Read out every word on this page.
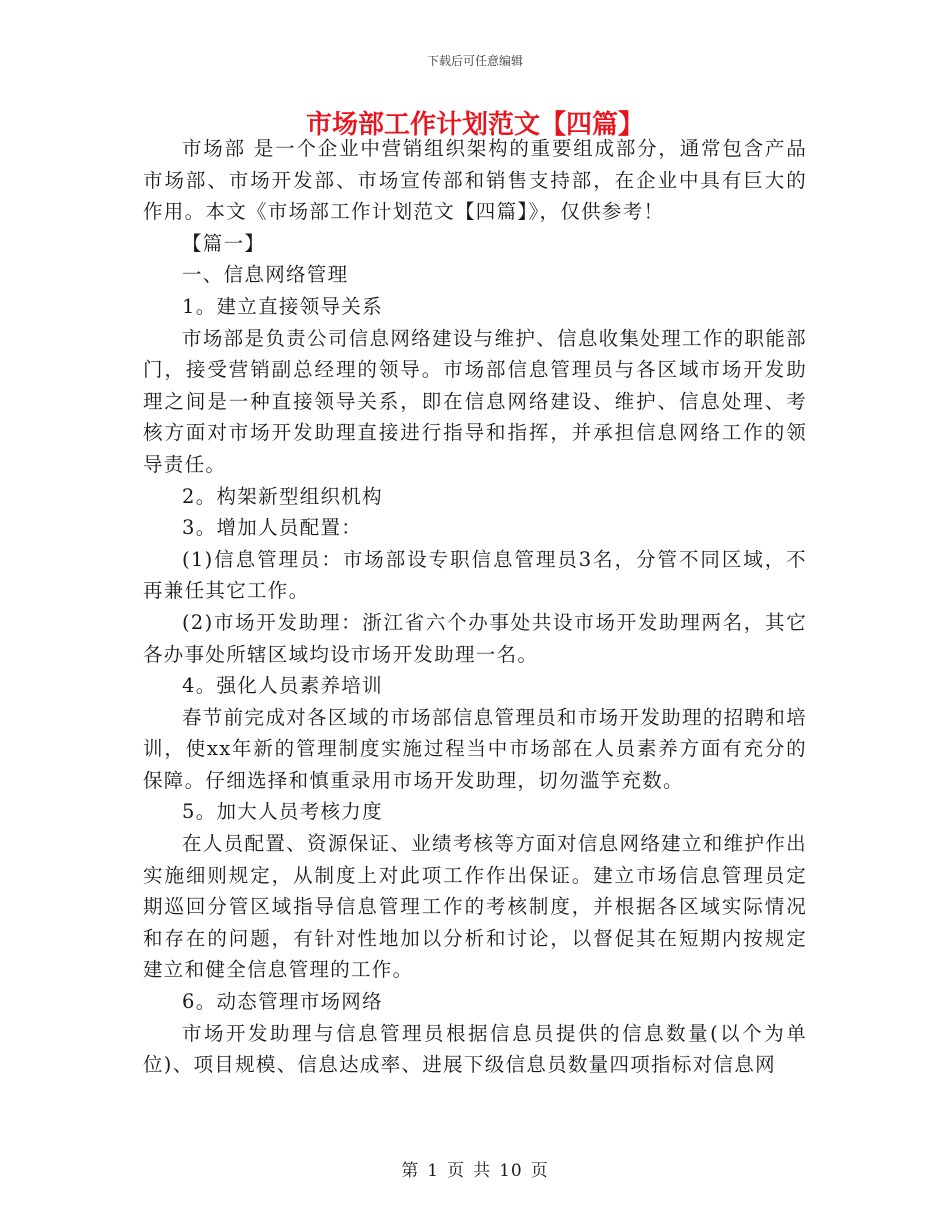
下载后可任意编辑
市场部工作计划范文【四篇】

市场部 是一个企业中营销组织架构的重要组成部分，通常包含产品市场部、市场开发部、市场宣传部和销售支持部，在企业中具有巨大的作用。本文《市场部工作计划范文【四篇】》，仅供参考！

【篇一】

一、信息网络管理

1。建立直接领导关系

市场部是负责公司信息网络建设与维护、信息收集处理工作的职能部门，接受营销副总经理的领导。市场部信息管理员与各区域市场开发助理之间是一种直接领导关系，即在信息网络建设、维护、信息处理、考核方面对市场开发助理直接进行指导和指挥，并承担信息网络工作的领导责任。

2。构架新型组织机构

3。增加人员配置：

(1)信息管理员：市场部设专职信息管理员3名，分管不同区域，不再兼任其它工作。

(2)市场开发助理：浙江省六个办事处共设市场开发助理两名，其它各办事处所辖区域均设市场开发助理一名。

4。强化人员素养培训

春节前完成对各区域的市场部信息管理员和市场开发助理的招聘和培训，使xx年新的管理制度实施过程当中市场部在人员素养方面有充分的保障。仔细选择和慎重录用市场开发助理，切勿滥竽充数。

5。加大人员考核力度

在人员配置、资源保证、业绩考核等方面对信息网络建立和维护作出实施细则规定，从制度上对此项工作作出保证。建立市场信息管理员定期巡回分管区域指导信息管理工作的考核制度，并根据各区域实际情况和存在的问题，有针对性地加以分析和讨论，以督促其在短期内按规定建立和健全信息管理的工作。

6。动态管理市场网络

市场开发助理与信息管理员根据信息员提供的信息数量(以个为单位)、项目规模、信息达成率、进展下级信息员数量四项指标对信息网

第 1 页 共 10 页
